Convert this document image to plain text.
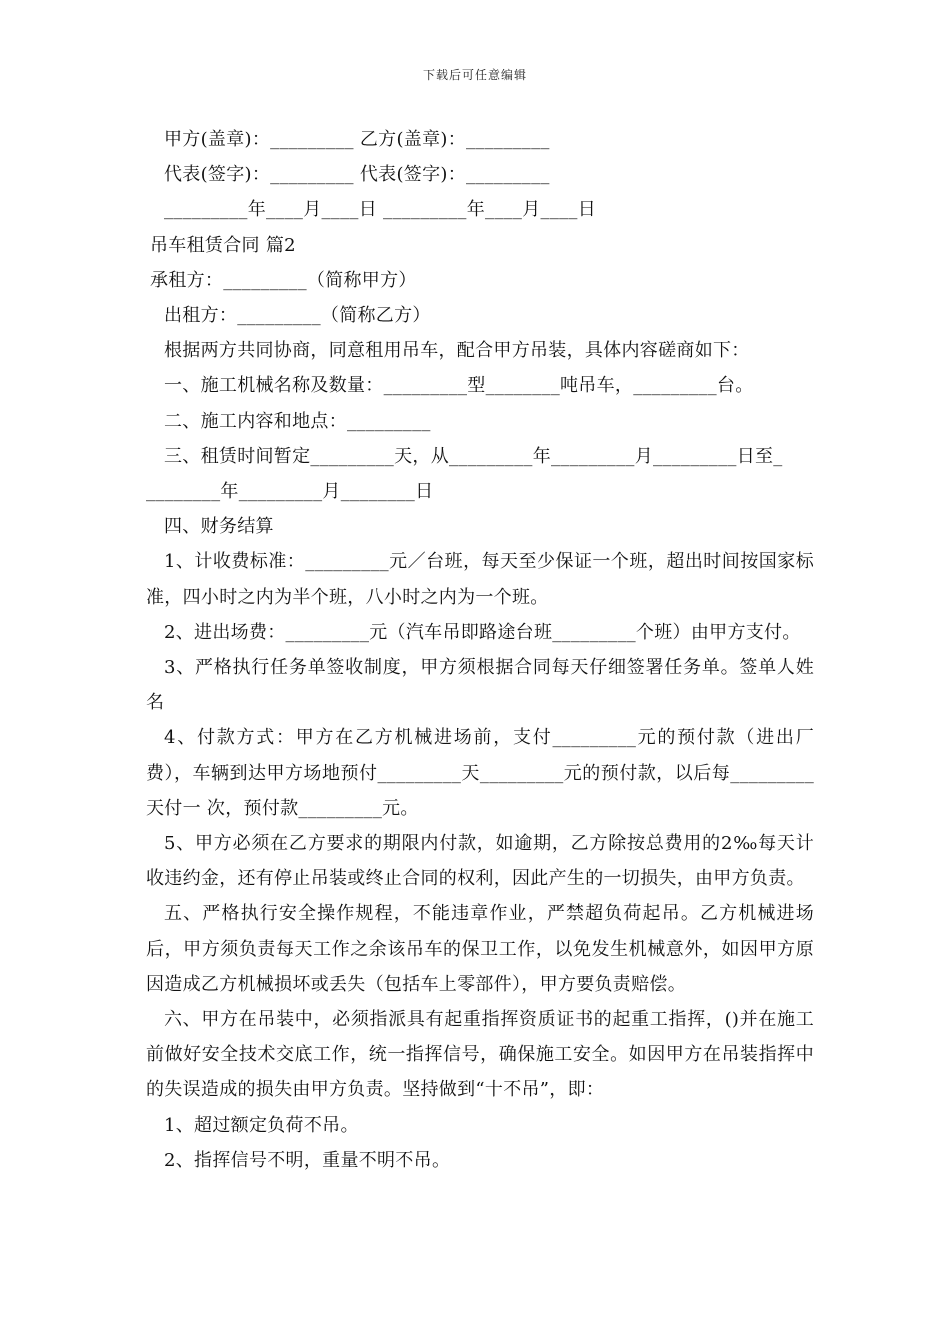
下载后可任意编辑

甲方(盖章)：_________ 乙方(盖章)：_________

代表(签字)：_________ 代表(签字)：_________

_________年____月____日 _________年____月____日

吊车租赁合同 篇2

承租方：_________（简称甲方）

出租方：_________（简称乙方）

根据两方共同协商，同意租用吊车，配合甲方吊装，具体内容磋商如下：

一、施工机械名称及数量：_________型________吨吊车，_________台。

二、施工内容和地点：_________

三、租赁时间暂定_________天，从_________年_________月_________日至_

________年_________月________日

四、财务结算

1、计收费标准：_________元／台班，每天至少保证一个班，超出时间按国家标准，四小时之内为半个班，八小时之内为一个班。

2、进出场费：_________元（汽车吊即路途台班_________个班）由甲方支付。

3、严格执行任务单签收制度，甲方须根据合同每天仔细签署任务单。签单人姓名

4、付款方式：甲方在乙方机械进场前，支付_________元的预付款（进出厂费），车辆到达甲方场地预付_________天_________元的预付款，以后每_________天付一 次，预付款_________元。

5、甲方必须在乙方要求的期限内付款，如逾期，乙方除按总费用的2‰每天计收违约金，还有停止吊装或终止合同的权利，因此产生的一切损失，由甲方负责。

五、严格执行安全操作规程，不能违章作业，严禁超负荷起吊。乙方机械进场后，甲方须负责每天工作之余该吊车的保卫工作，以免发生机械意外，如因甲方原因造成乙方机械损坏或丢失（包括车上零部件），甲方要负责赔偿。

六、甲方在吊装中，必须指派具有起重指挥资质证书的起重工指挥，()并在施工前做好安全技术交底工作，统一指挥信号，确保施工安全。如因甲方在吊装指挥中的失误造成的损失由甲方负责。坚持做到“十不吊”，即：

1、超过额定负荷不吊。

2、指挥信号不明，重量不明不吊。
